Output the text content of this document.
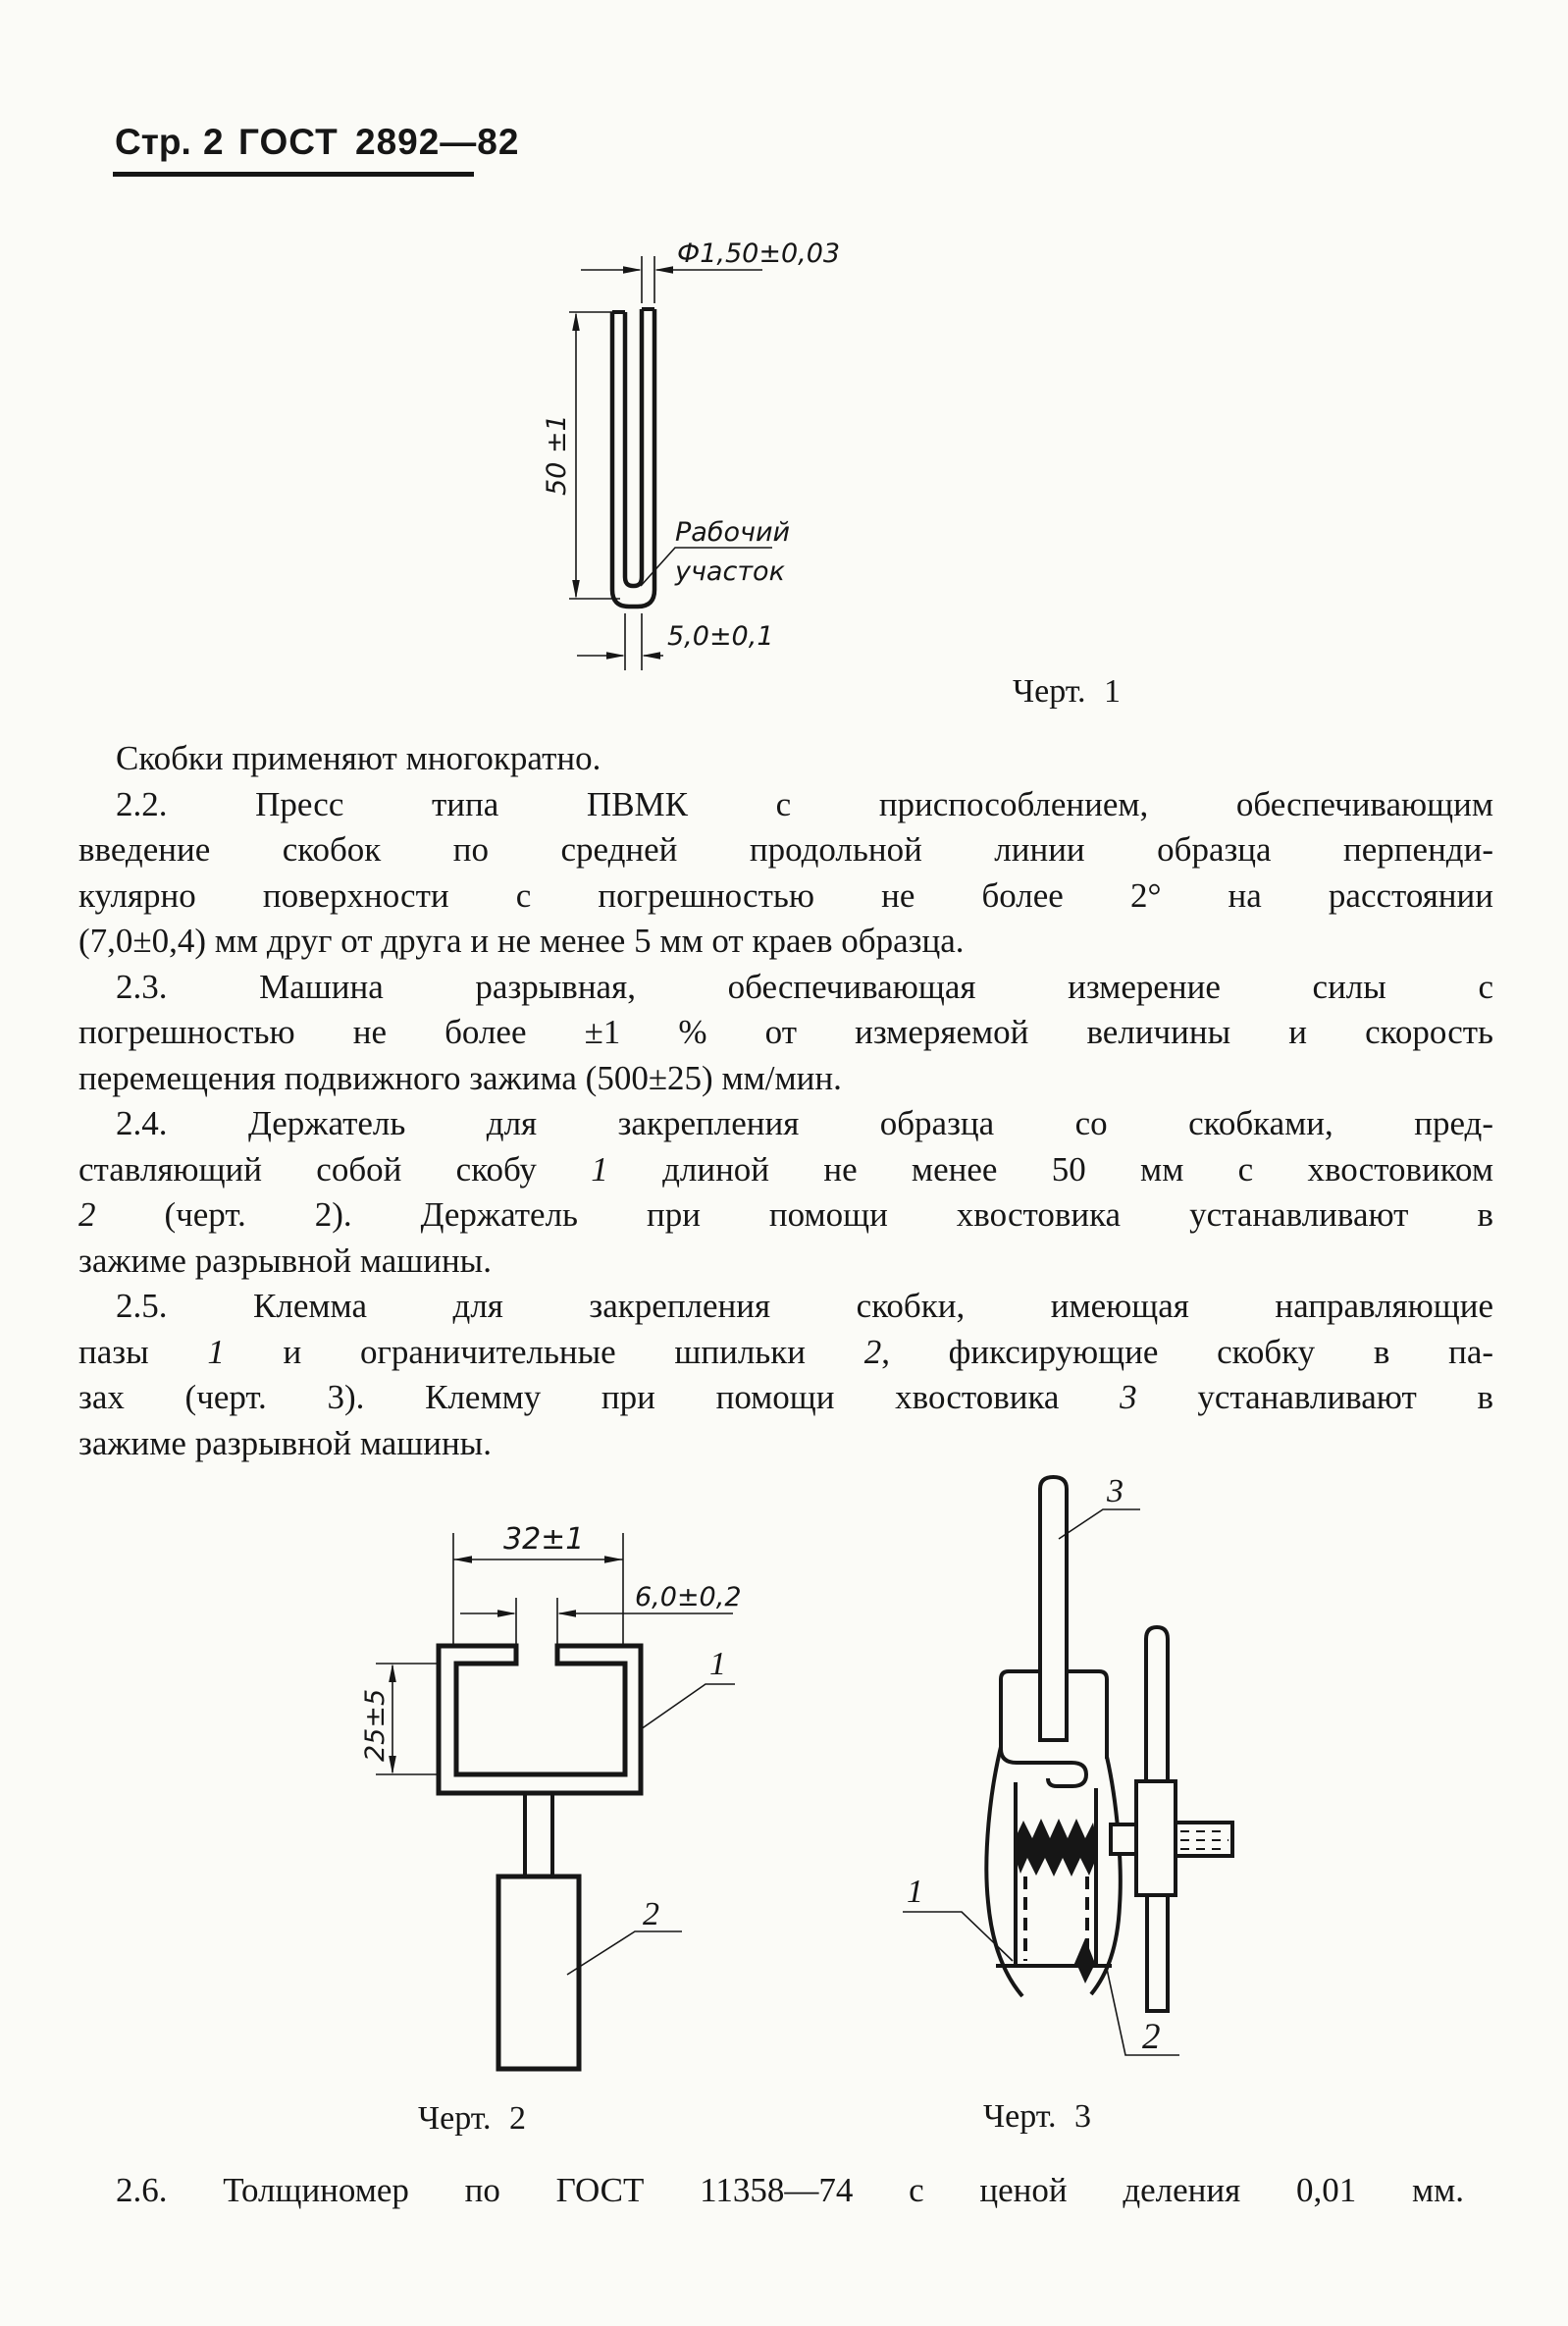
Стр. 2 ГОСТ 2892—82
Ф1,50±0,03
50 ±1
Рабочий
участок
5,0±0,1
Черт. 1
32±1
6,0±0,2
25±5
1
2
Черт. 2
3
1
2
Черт. 3
Скобки применяют многократно.
2.2. Пресс типа ПВМК с приспособлением, обеспечивающим
введение скобок по средней продольной линии образца перпенди-
кулярно поверхности с погрешностью не более 2° на расстоянии
(7,0±0,4) мм друг от друга и не менее 5 мм от краев образца.
2.3. Машина разрывная, обеспечивающая измерение силы с
погрешностью не более ±1 % от измеряемой величины и скорость
перемещения подвижного зажима (500±25) мм/мин.
2.4. Держатель для закрепления образца со скобками, пред-
ставляющий собой скобу 1 длиной не менее 50 мм с хвостовиком
2 (черт. 2). Держатель при помощи хвостовика устанавливают в
зажиме разрывной машины.
2.5. Клемма для закрепления скобки, имеющая направляющие
пазы 1 и ограничительные шпильки 2, фиксирующие скобку в па-
зах (черт. 3). Клемму при помощи хвостовика 3 устанавливают в
зажиме разрывной машины.
2.6. Толщиномер по ГОСТ 11358—74 с ценой деления 0,01 мм.
